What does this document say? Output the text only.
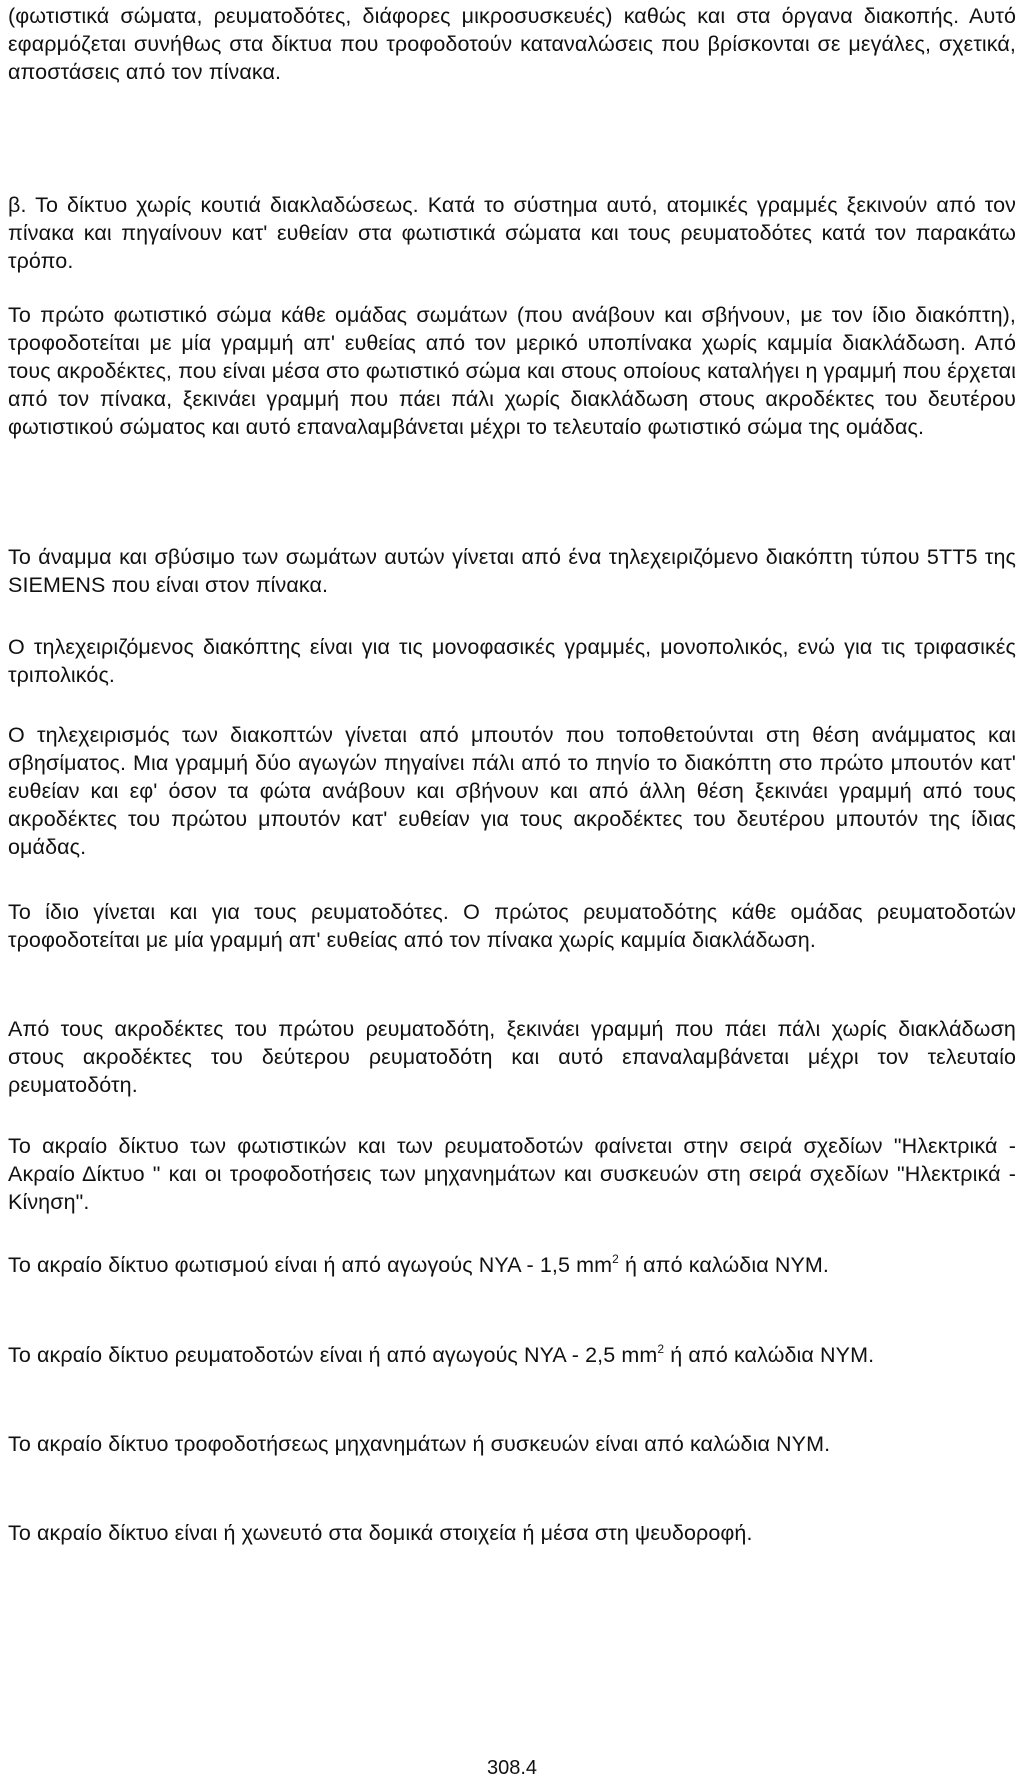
(φωτιστικά σώματα, ρευματοδότες, διάφορες μικροσυσκευές) καθώς και στα όργανα διακοπής. Αυτό εφαρμόζεται συνήθως στα δίκτυα που τροφοδοτούν καταναλώσεις που βρίσκονται σε μεγάλες, σχετικά, αποστάσεις από τον πίνακα.

β. Το δίκτυο χωρίς κουτιά διακλαδώσεως. Κατά το σύστημα αυτό, ατομικές γραμμές ξεκινούν από τον πίνακα και πηγαίνουν κατ' ευθείαν στα φωτιστικά σώματα και τους ρευματοδότες κατά τον παρακάτω τρόπο.

Το πρώτο φωτιστικό σώμα κάθε ομάδας σωμάτων (που ανάβουν και σβήνουν, με τον ίδιο διακόπτη), τροφοδοτείται με μία γραμμή απ' ευθείας από τον μερικό υποπίνακα χωρίς καμμία διακλάδωση. Από τους ακροδέκτες, που είναι μέσα στο φωτιστικό σώμα και στους οποίους καταλήγει η γραμμή που έρχεται από τον πίνακα, ξεκινάει γραμμή που πάει πάλι χωρίς διακλάδωση στους ακροδέκτες του δευτέρου φωτιστικού σώματος και αυτό επαναλαμβάνεται μέχρι το τελευταίο φωτιστικό σώμα της ομάδας.

Το άναμμα και σβύσιμο των σωμάτων αυτών γίνεται από ένα τηλεχειριζόμενο διακόπτη τύπου 5ΤΤ5 της SIEMENS που είναι στον πίνακα.

Ο τηλεχειριζόμενος διακόπτης είναι για τις μονοφασικές γραμμές, μονοπολικός, ενώ για τις τριφασικές τριπολικός.

Ο τηλεχειρισμός των διακοπτών γίνεται από μπουτόν που τοποθετούνται στη θέση ανάμματος και σβησίματος. Μια γραμμή δύο αγωγών πηγαίνει πάλι από το πηνίο το διακόπτη στο πρώτο μπουτόν κατ' ευθείαν και εφ' όσον τα φώτα ανάβουν και σβήνουν και από άλλη θέση ξεκινάει γραμμή από τους ακροδέκτες του πρώτου μπουτόν κατ' ευθείαν για τους ακροδέκτες του δευτέρου μπουτόν της ίδιας ομάδας.

Το ίδιο γίνεται και για τους ρευματοδότες. Ο πρώτος ρευματοδότης κάθε ομάδας ρευματοδοτών τροφοδοτείται με μία γραμμή απ' ευθείας από τον πίνακα χωρίς καμμία διακλάδωση.

Από τους ακροδέκτες του πρώτου ρευματοδότη, ξεκινάει γραμμή που πάει πάλι χωρίς διακλάδωση στους ακροδέκτες του δεύτερου ρευματοδότη και αυτό επαναλαμβάνεται μέχρι τον τελευταίο ρευματοδότη.

Το ακραίο δίκτυο των φωτιστικών και των ρευματοδοτών φαίνεται στην σειρά σχεδίων "Ηλεκτρικά - Ακραίο Δίκτυο " και οι τροφοδοτήσεις των μηχανημάτων και συσκευών στη σειρά σχεδίων "Ηλεκτρικά - Κίνηση".

Το ακραίο δίκτυο φωτισμού είναι ή από αγωγούς ΝΥΑ - 1,5 $mm^2$ ή από καλώδια ΝΥΜ.

Το ακραίο δίκτυο ρευματοδοτών είναι ή από αγωγούς ΝΥΑ - 2,5 $mm^2$ ή από καλώδια ΝΥΜ.

Το ακραίο δίκτυο τροφοδοτήσεως μηχανημάτων ή συσκευών είναι από καλώδια ΝΥΜ.

Το ακραίο δίκτυο είναι ή χωνευτό στα δομικά στοιχεία ή μέσα στη ψευδοροφή.

308.4
